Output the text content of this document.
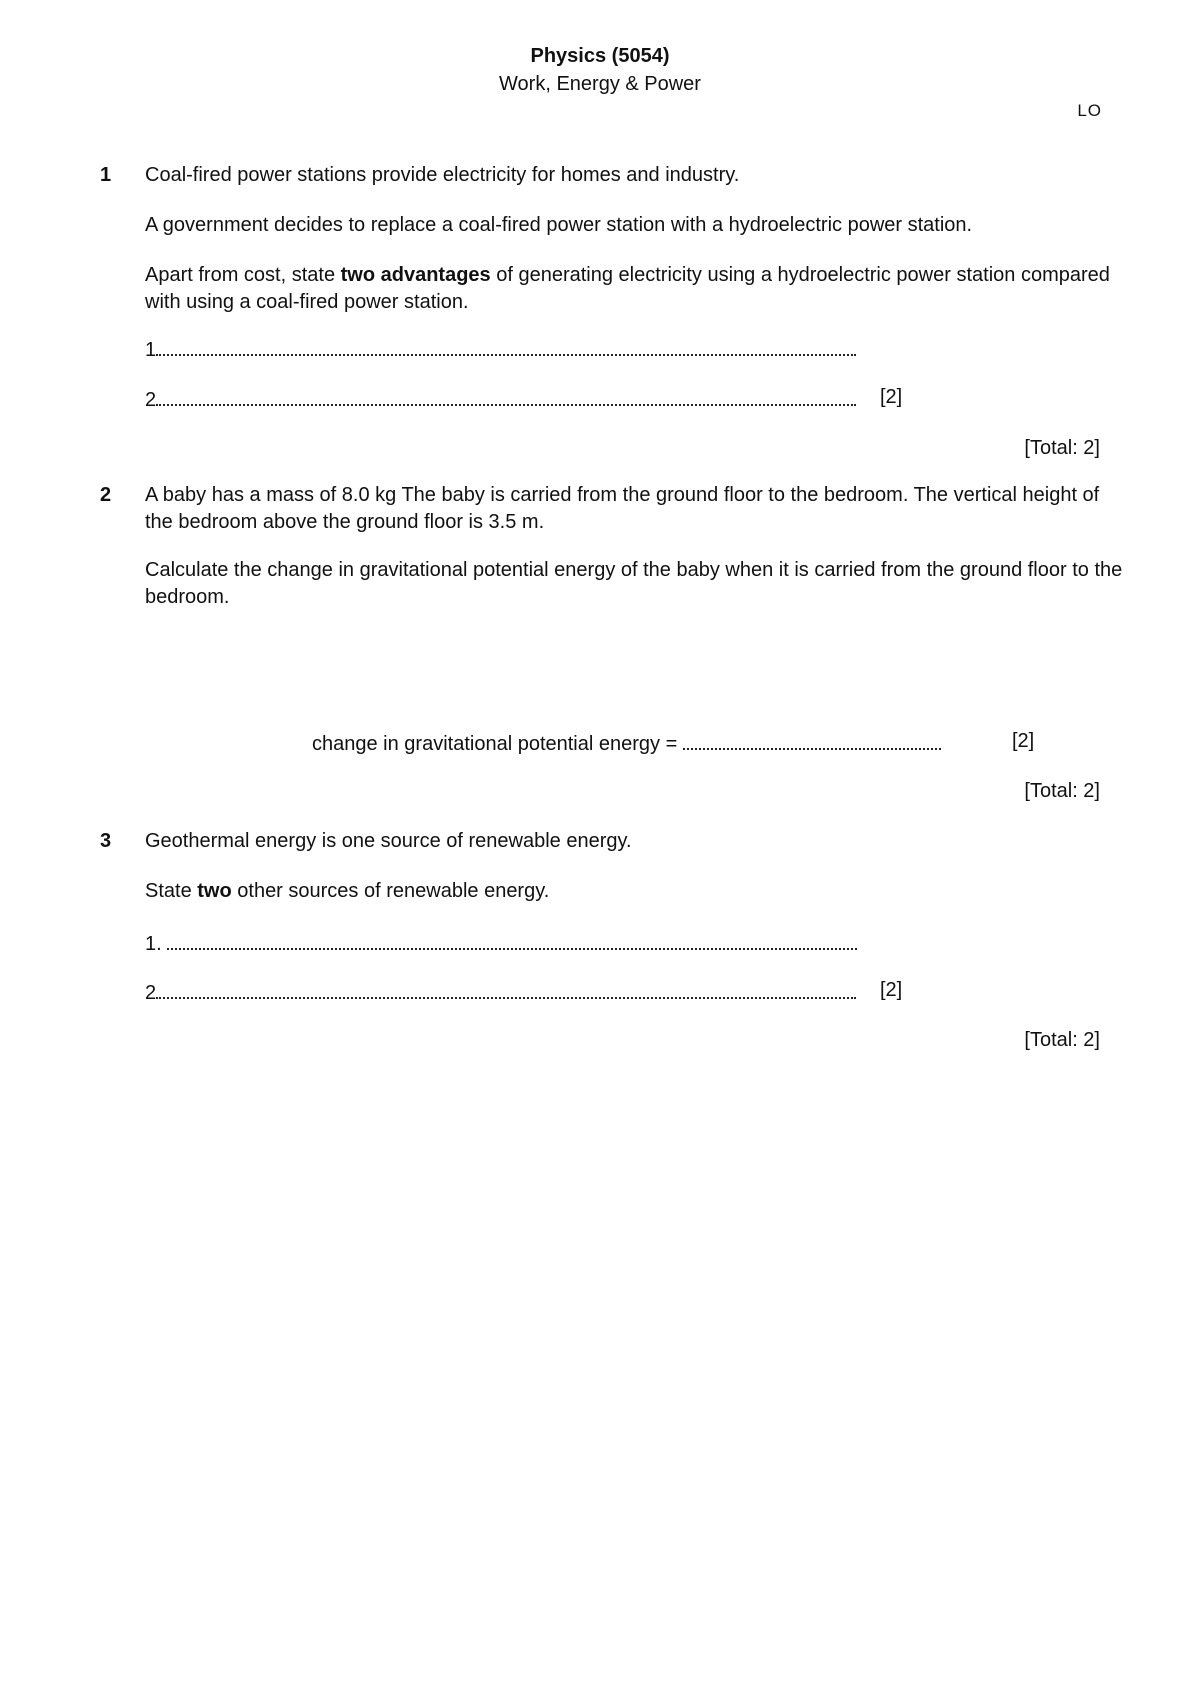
Physics (5054)
Work, Energy & Power
LO
1 Coal-fired power stations provide electricity for homes and industry.
A government decides to replace a coal-fired power station with a hydroelectric power station.
Apart from cost, state two advantages of generating electricity using a hydroelectric power station compared with using a coal-fired power station.
1
2	[2]
[Total: 2]
2 A baby has a mass of 8.0 kg The baby is carried from the ground floor to the bedroom. The vertical height of the bedroom above the ground floor is 3.5 m.
Calculate the change in gravitational potential energy of the baby when it is carried from the ground floor to the bedroom.
change in gravitational potential energy =	[2]
[Total: 2]
3 Geothermal energy is one source of renewable energy.
State two other sources of renewable energy.
1.
2	[2]
[Total: 2]
